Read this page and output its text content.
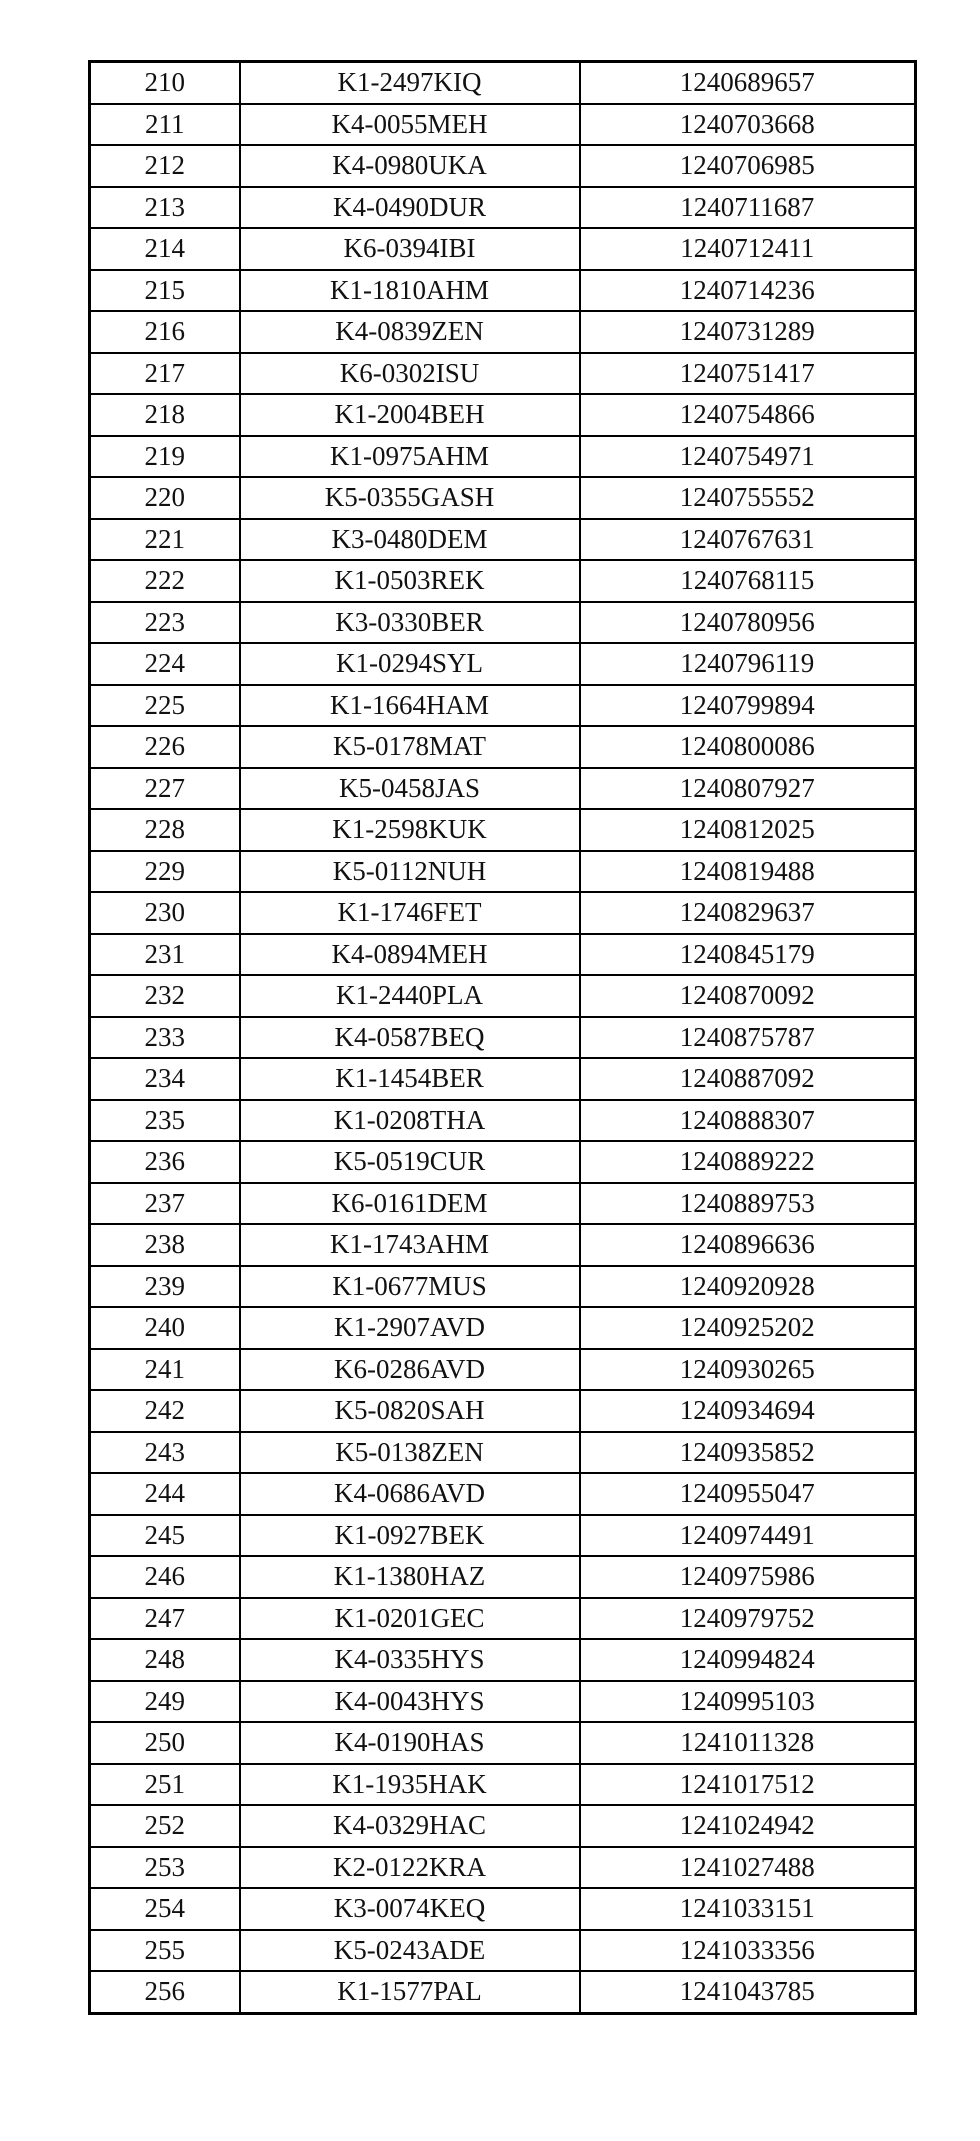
210	K1-2497KIQ	1240689657
211	K4-0055MEH	1240703668
212	K4-0980UKA	1240706985
213	K4-0490DUR	1240711687
214	K6-0394IBI	1240712411
215	K1-1810AHM	1240714236
216	K4-0839ZEN	1240731289
217	K6-0302ISU	1240751417
218	K1-2004BEH	1240754866
219	K1-0975AHM	1240754971
220	K5-0355GASH	1240755552
221	K3-0480DEM	1240767631
222	K1-0503REK	1240768115
223	K3-0330BER	1240780956
224	K1-0294SYL	1240796119
225	K1-1664HAM	1240799894
226	K5-0178MAT	1240800086
227	K5-0458JAS	1240807927
228	K1-2598KUK	1240812025
229	K5-0112NUH	1240819488
230	K1-1746FET	1240829637
231	K4-0894MEH	1240845179
232	K1-2440PLA	1240870092
233	K4-0587BEQ	1240875787
234	K1-1454BER	1240887092
235	K1-0208THA	1240888307
236	K5-0519CUR	1240889222
237	K6-0161DEM	1240889753
238	K1-1743AHM	1240896636
239	K1-0677MUS	1240920928
240	K1-2907AVD	1240925202
241	K6-0286AVD	1240930265
242	K5-0820SAH	1240934694
243	K5-0138ZEN	1240935852
244	K4-0686AVD	1240955047
245	K1-0927BEK	1240974491
246	K1-1380HAZ	1240975986
247	K1-0201GEC	1240979752
248	K4-0335HYS	1240994824
249	K4-0043HYS	1240995103
250	K4-0190HAS	1241011328
251	K1-1935HAK	1241017512
252	K4-0329HAC	1241024942
253	K2-0122KRA	1241027488
254	K3-0074KEQ	1241033151
255	K5-0243ADE	1241033356
256	K1-1577PAL	1241043785
